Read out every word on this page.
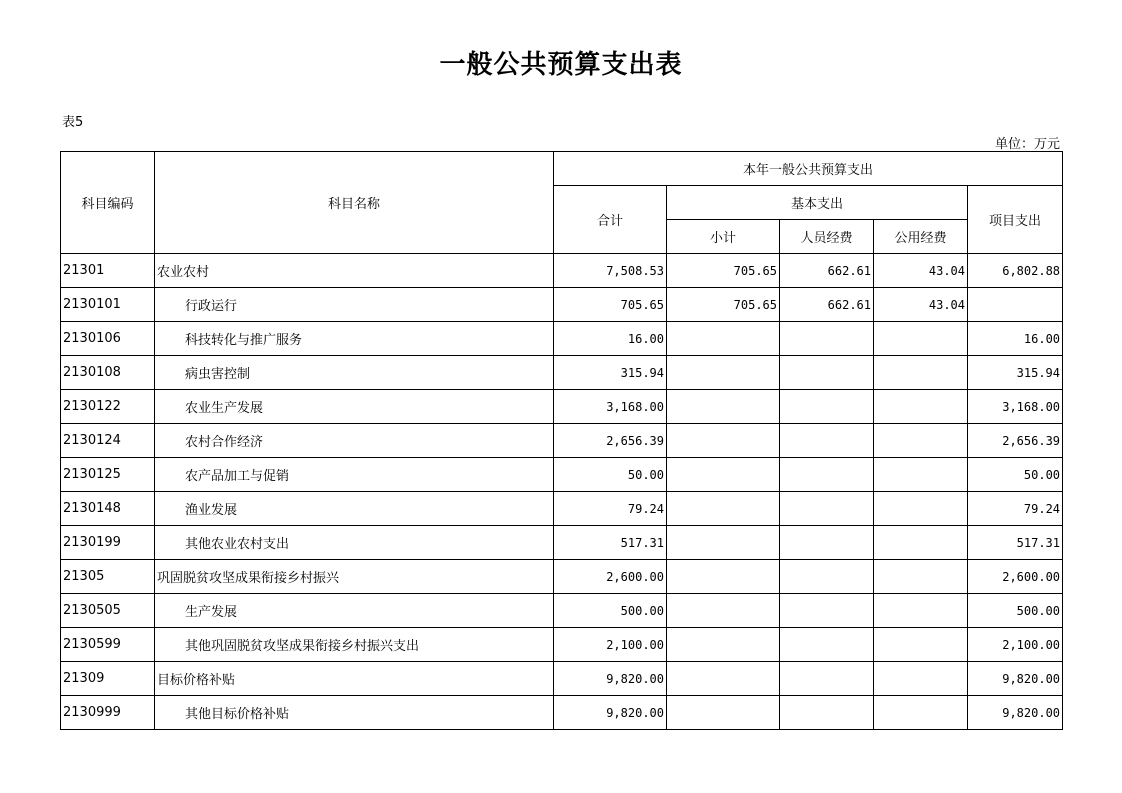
一般公共预算支出表
表5
单位：万元
科目编码	科目名称	本年一般公共预算支出				
		合计	基本支出			项目支出
			小计	人员经费	公用经费	
21301	农业农村	7,508.53	705.65	662.61	43.04	6,802.88
2130101	行政运行	705.65	705.65	662.61	43.04	
2130106	科技转化与推广服务	16.00				16.00
2130108	病虫害控制	315.94				315.94
2130122	农业生产发展	3,168.00				3,168.00
2130124	农村合作经济	2,656.39				2,656.39
2130125	农产品加工与促销	50.00				50.00
2130148	渔业发展	79.24				79.24
2130199	其他农业农村支出	517.31				517.31
21305	巩固脱贫攻坚成果衔接乡村振兴	2,600.00				2,600.00
2130505	生产发展	500.00				500.00
2130599	其他巩固脱贫攻坚成果衔接乡村振兴支出	2,100.00				2,100.00
21309	目标价格补贴	9,820.00				9,820.00
2130999	其他目标价格补贴	9,820.00				9,820.00
